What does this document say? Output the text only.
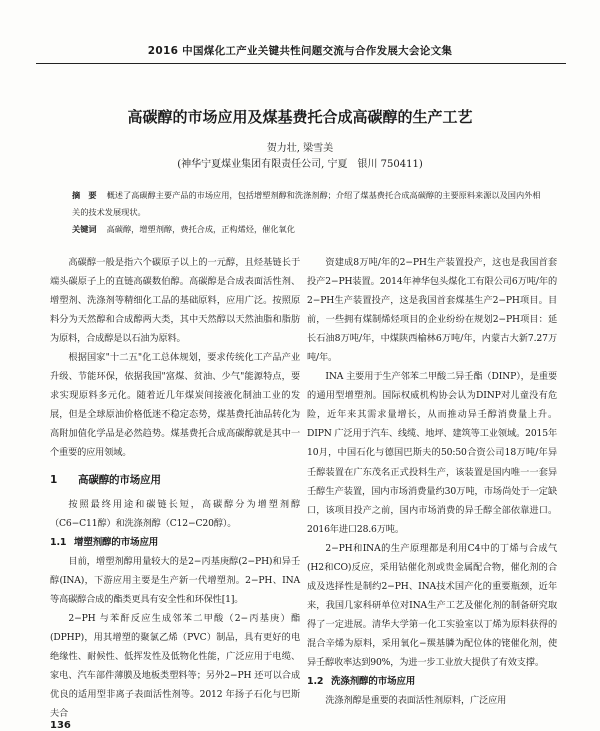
2016 中国煤化工产业关键共性问题交流与合作发展大会论文集
高碳醇的市场应用及煤基费托合成高碳醇的生产工艺
贺力壮, 梁雪美
(神华宁夏煤业集团有限责任公司, 宁夏　银川 750411)
摘　要 概述了高碳醇主要产品的市场应用，包括增塑剂醇和洗涤剂醇；介绍了煤基费托合成高碳醇的主要原料来源以及国内外相关的技术发展现状。
关键词 高碳醇，增塑剂醇，费托合成，正构烯烃，催化氧化

高碳醇一般是指六个碳原子以上的一元醇，且烃基链长于端头碳原子上的直链高碳数伯醇。高碳醇是合成表面活性剂、增塑剂、洗涤剂等精细化工品的基础原料，应用广泛。按照原料分为天然醇和合成醇两大类，其中天然醇以天然油脂和脂肪为原料，合成醇是以石油为原料。

根据国家"十二五"化工总体规划，要求传统化工产品产业升级、节能环保，依据我国"富煤、贫油、少气"能源特点，要求实现原料多元化。随着近几年煤炭间接液化制油工业的发展，但是全球原油价格低迷不稳定态势，煤基费托油品转化为高附加值化学品是必然趋势。煤基费托合成高碳醇就是其中一个重要的应用领域。

1 高碳醇的市场应用

按照最终用途和碳链长短，高碳醇分为增塑剂醇（C6−C11醇）和洗涤剂醇（C12−C20醇）。

1.1 增塑剂醇的市场应用

目前，增塑剂醇用量较大的是2−丙基庚醇(2−PH)和异壬醇(INA)，下游应用主要是生产新一代增塑剂。2−PH、INA 等高碳醇合成的酯类更具有安全性和环保性[1]。

2−PH 与苯酐反应生成邻苯二甲酸（2−丙基庚）酯(DPHP)，用其增塑的聚氯乙烯（PVC）制品，具有更好的电绝缘性、耐候性、低挥发性及低物化性能，广泛应用于电缆、家电、汽车部件薄膜及地板类塑料等；另外2−PH 还可以合成优良的适用型非离子表面活性剂等。2012 年扬子石化与巴斯夫合

资建成8万吨/年的2−PH生产装置投产，这也是我国首套投产2−PH装置。2014年神华包头煤化工有限公司6万吨/年的2−PH生产装置投产，这是我国首套煤基生产2−PH项目。目前，一些拥有煤制烯烃项目的企业纷纷在规划2−PH项目：延长石油8万吨/年，中煤陕西榆林6万吨/年，内蒙古大新7.27万吨/年。

INA 主要用于生产邻苯二甲酸二异壬酯（DINP），是重要的通用型增塑剂。国际权威机构协会认为DINP对儿童没有危险，近年来其需求量增长，从而推动异壬醇消费量上升。DIPN 广泛用于汽车、线缆、地坪、建筑等工业领域。2015年10月，中国石化与德国巴斯夫的50:50合资公司18万吨/年异壬醇装置在广东茂名正式投料生产，该装置是国内唯一一套异壬醇生产装置，国内市场消费量约30万吨，市场尚处于一定缺口，该项目投产之前，国内市场消费的异壬醇全部依靠进口。2016年进口28.6万吨。

2−PH和INA的生产原理都是利用C4中的丁烯与合成气(H2和CO)反应，采用钴催化剂或贵金属配合物，催化剂的合成及选择性是制约2−PH、INA技术国产化的重要瓶颈，近年来，我国几家科研单位对INA生产工艺及催化剂的制备研究取得了一定进展。清华大学第一化工实验室以丁烯为原料获得的混合辛烯为原料，采用氧化−羰基膦为配位体的铑催化剂，使异壬醇收率达到90%，为进一步工业放大提供了有效支撑。

1.2 洗涤剂醇的市场应用

洗涤剂醇是重要的表面活性剂原料，广泛应用

136
